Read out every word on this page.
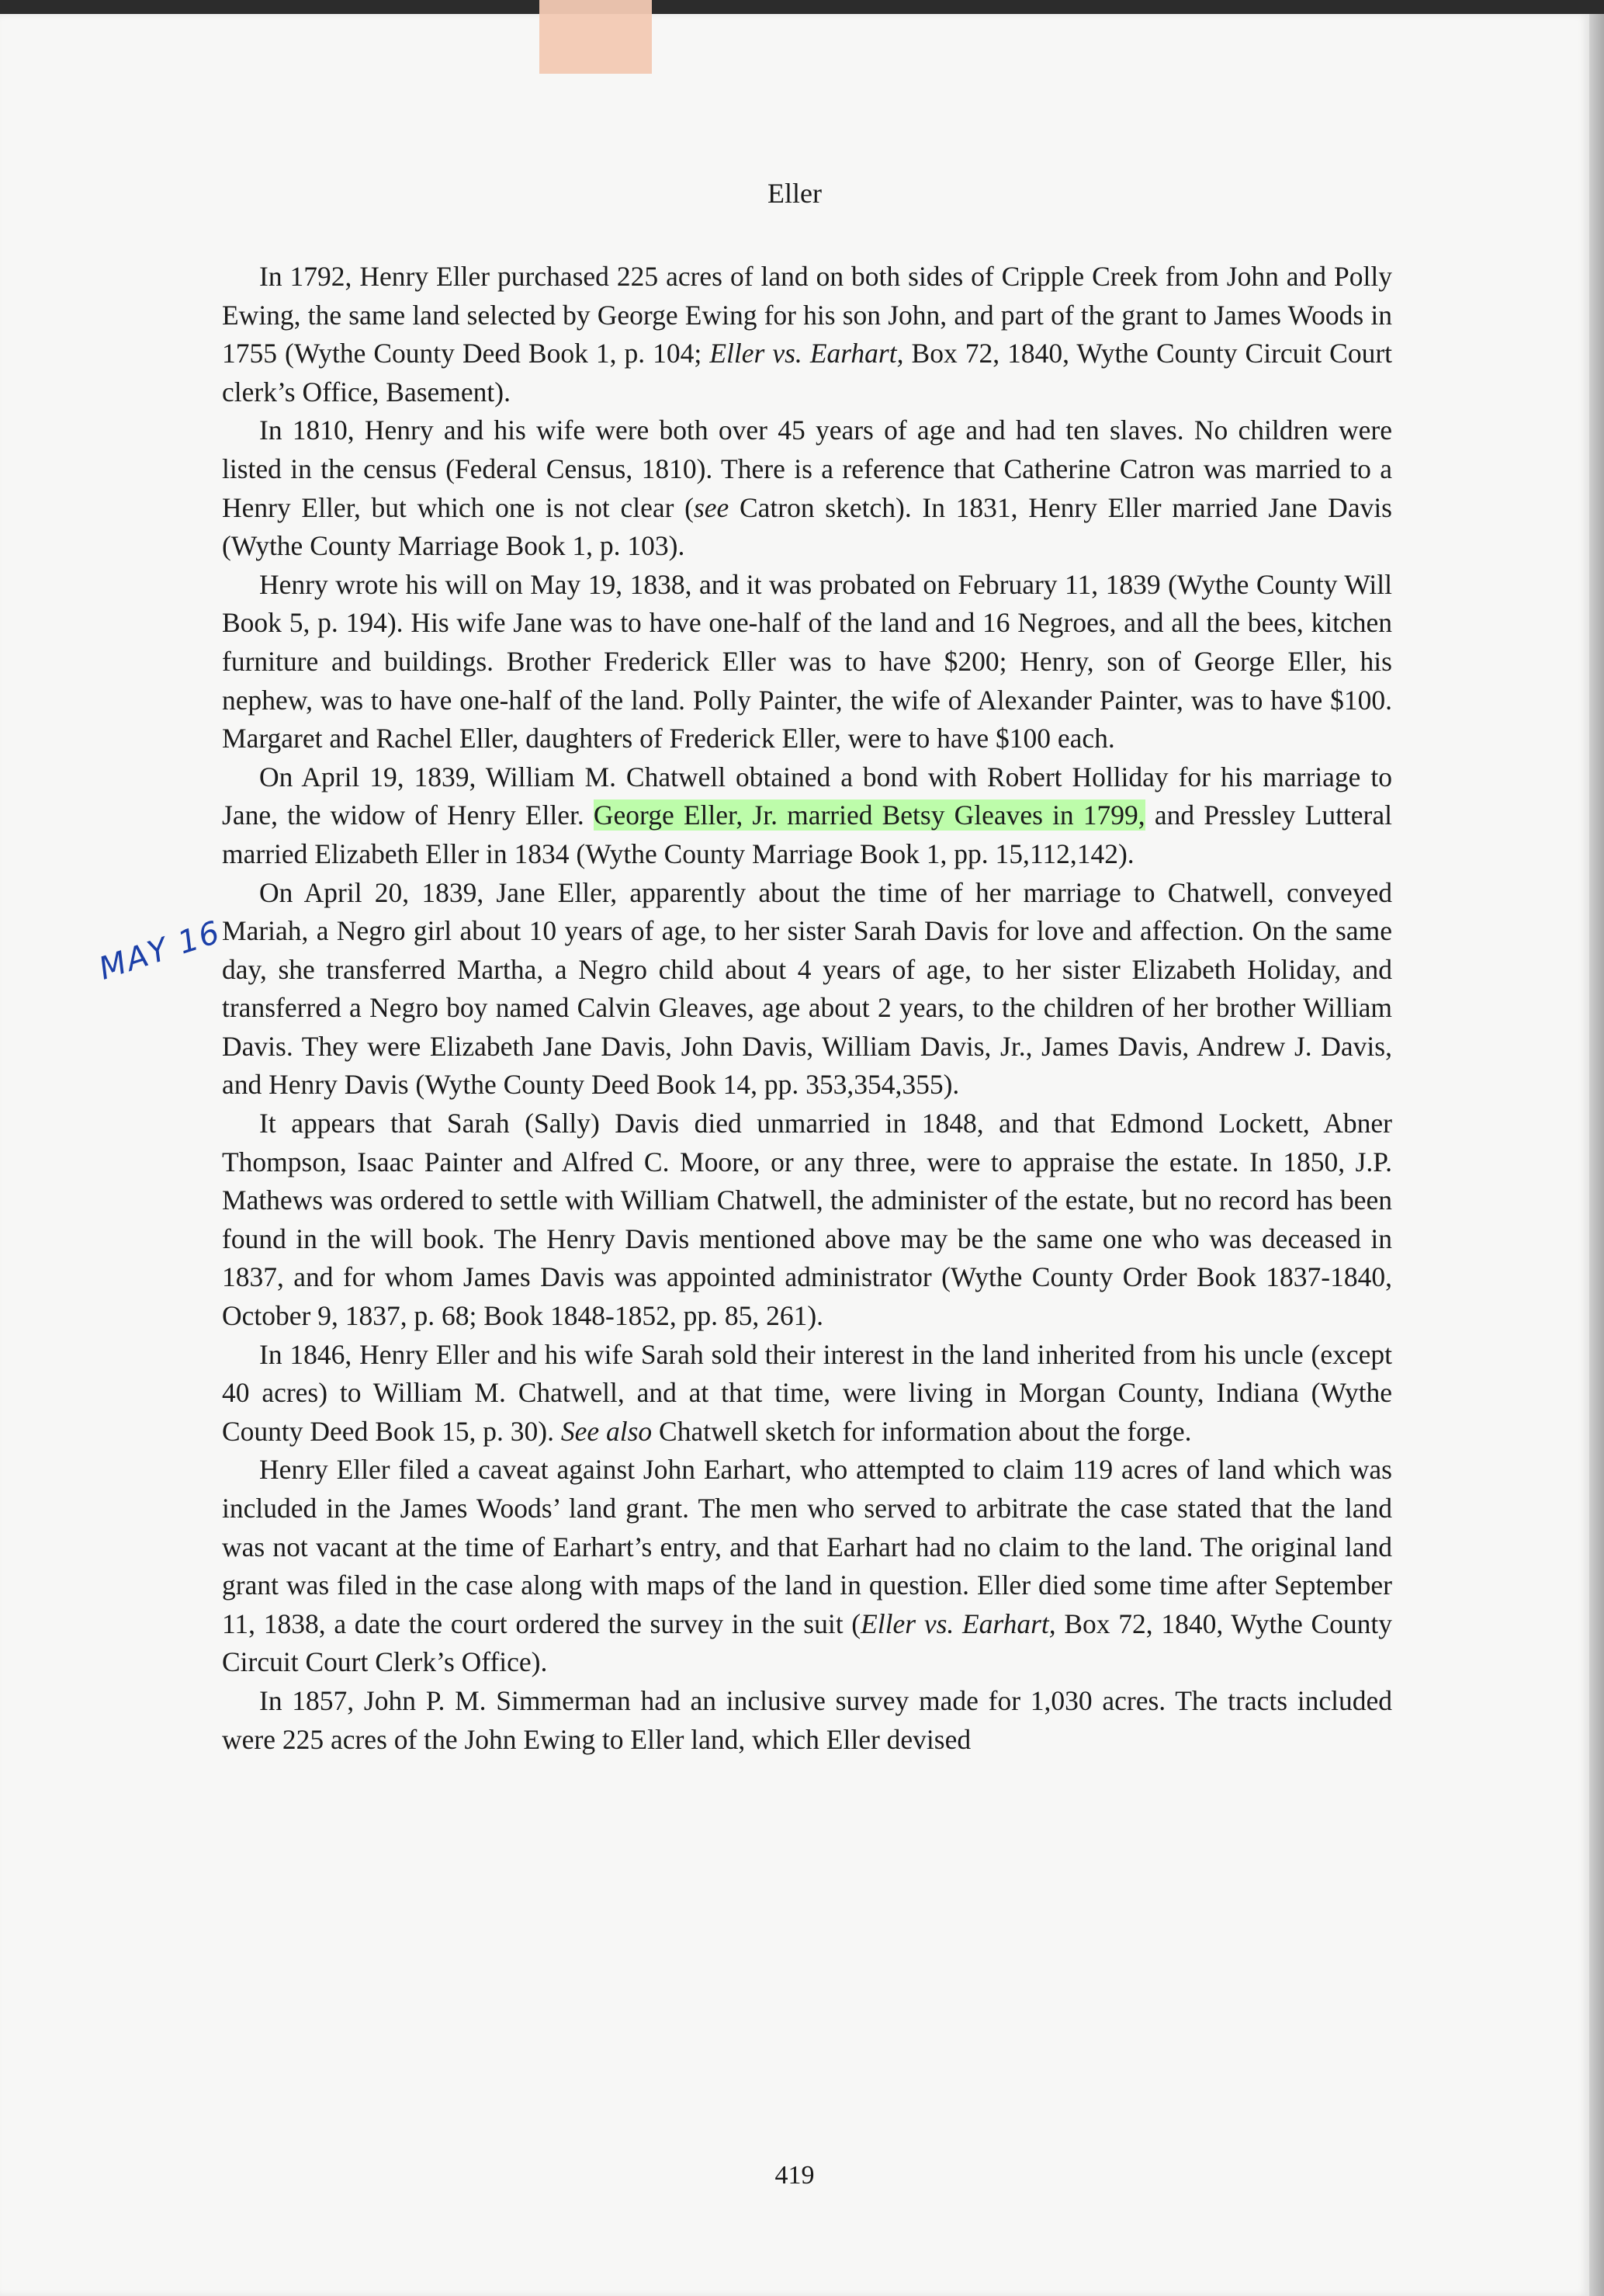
Eller
MAY 16

In 1792, Henry Eller purchased 225 acres of land on both sides of Cripple Creek from John and Polly Ewing, the same land selected by George Ewing for his son John, and part of the grant to James Woods in 1755 (Wythe County Deed Book 1, p. 104; Eller vs. Earhart, Box 72, 1840, Wythe County Circuit Court clerk’s Office, Basement).

In 1810, Henry and his wife were both over 45 years of age and had ten slaves. No children were listed in the census (Federal Census, 1810). There is a reference that Catherine Catron was married to a Henry Eller, but which one is not clear (see Catron sketch). In 1831, Henry Eller married Jane Davis (Wythe County Marriage Book 1, p. 103).

Henry wrote his will on May 19, 1838, and it was probated on February 11, 1839 (Wythe County Will Book 5, p. 194). His wife Jane was to have one-half of the land and 16 Negroes, and all the bees, kitchen furniture and buildings. Brother Frederick Eller was to have $200; Henry, son of George Eller, his nephew, was to have one-half of the land. Polly Painter, the wife of Alexander Painter, was to have $100. Margaret and Rachel Eller, daughters of Frederick Eller, were to have $100 each.

On April 19, 1839, William M. Chatwell obtained a bond with Robert Holliday for his marriage to Jane, the widow of Henry Eller. George Eller, Jr. married Betsy Gleaves in 1799, and Pressley Lutteral married Elizabeth Eller in 1834 (Wythe County Marriage Book 1, pp. 15,112,142).

On April 20, 1839, Jane Eller, apparently about the time of her marriage to Chatwell, conveyed Mariah, a Negro girl about 10 years of age, to her sister Sarah Davis for love and affection. On the same day, she transferred Martha, a Negro child about 4 years of age, to her sister Elizabeth Holiday, and transferred a Negro boy named Calvin Gleaves, age about 2 years, to the children of her brother William Davis. They were Elizabeth Jane Davis, John Davis, William Davis, Jr., James Davis, Andrew J. Davis, and Henry Davis (Wythe County Deed Book 14, pp. 353,354,355).

It appears that Sarah (Sally) Davis died unmarried in 1848, and that Edmond Lockett, Abner Thompson, Isaac Painter and Alfred C. Moore, or any three, were to appraise the estate. In 1850, J.P. Mathews was ordered to settle with William Chatwell, the administer of the estate, but no record has been found in the will book. The Henry Davis mentioned above may be the same one who was deceased in 1837, and for whom James Davis was appointed administrator (Wythe County Order Book 1837-1840, October 9, 1837, p. 68; Book 1848-1852, pp. 85, 261).

In 1846, Henry Eller and his wife Sarah sold their interest in the land inherited from his uncle (except 40 acres) to William M. Chatwell, and at that time, were living in Morgan County, Indiana (Wythe County Deed Book 15, p. 30). See also Chatwell sketch for information about the forge.

Henry Eller filed a caveat against John Earhart, who attempted to claim 119 acres of land which was included in the James Woods’ land grant. The men who served to arbitrate the case stated that the land was not vacant at the time of Earhart’s entry, and that Earhart had no claim to the land. The original land grant was filed in the case along with maps of the land in question. Eller died some time after September 11, 1838, a date the court ordered the survey in the suit (Eller vs. Earhart, Box 72, 1840, Wythe County Circuit Court Clerk’s Office).

In 1857, John P. M. Simmerman had an inclusive survey made for 1,030 acres. The tracts included were 225 acres of the John Ewing to Eller land, which Eller devised

419
